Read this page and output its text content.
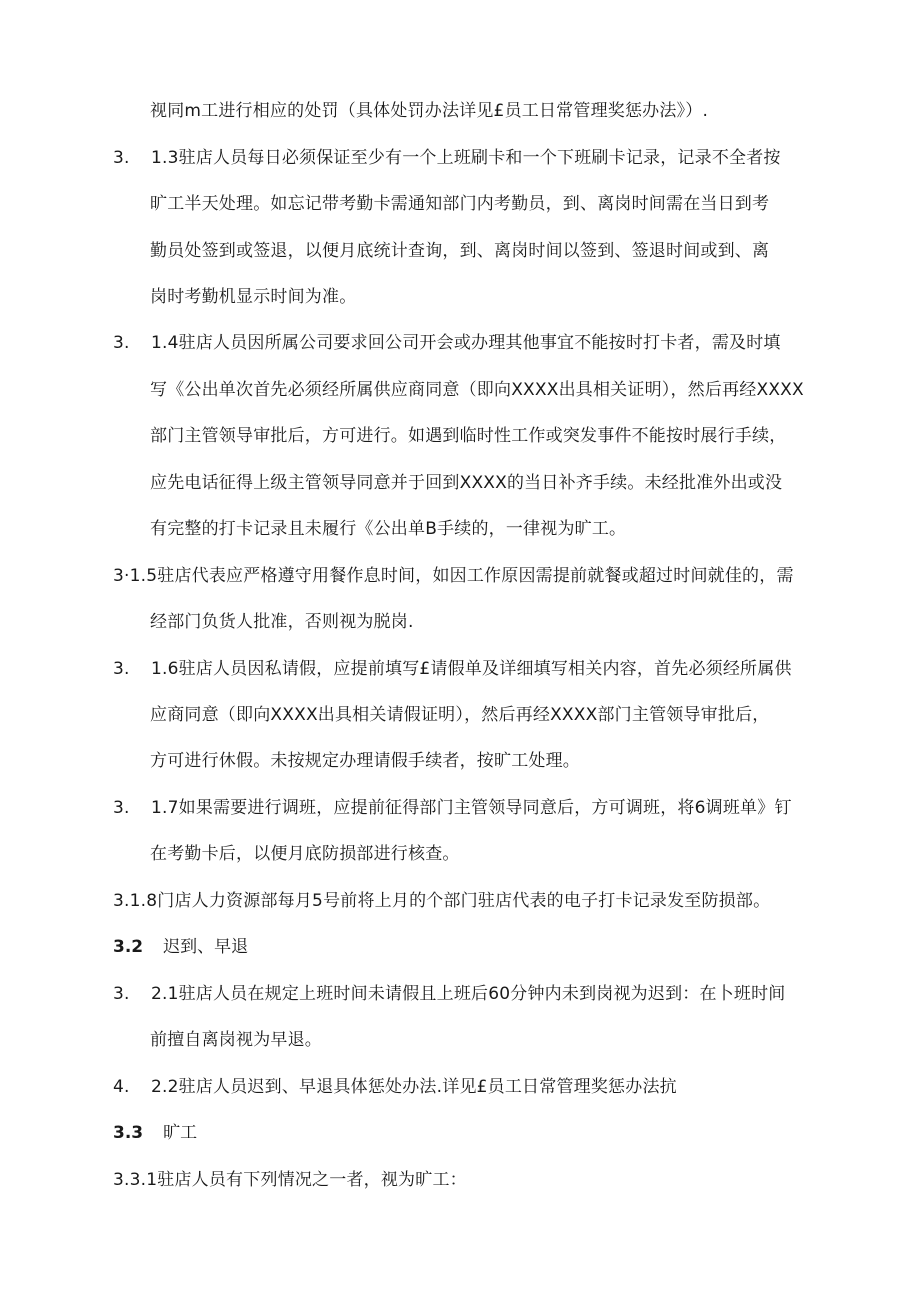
视同m工进行相应的处罚（具体处罚办法详见£员工日常管理奖惩办法》）.
3. 1.3驻店人员每日必须保证至少有一个上班刷卡和一个下班刷卡记录，记录不全者按
旷工半天处理。如忘记带考勤卡需通知部门内考勤员，到、离岗时间需在当日到考
勤员处签到或签退，以便月底统计查询，到、离岗时间以签到、签退时间或到、离
岗时考勤机显示时间为准。
3. 1.4驻店人员因所属公司要求回公司开会或办理其他事宜不能按时打卡者，需及时填
写《公出单次首先必须经所属供应商同意（即向XXXX出具相关证明），然后再经XXXX
部门主管领导审批后，方可进行。如遇到临时性工作或突发事件不能按时展行手续，
应先电话征得上级主管领导同意并于回到XXXX的当日补齐手续。未经批准外出或没
有完整的打卡记录且未履行《公出单B手续的，一律视为旷工。
3·1.5驻店代表应严格遵守用餐作息时间，如因工作原因需提前就餐或超过时间就佳的，需
经部门负货人批准，否则视为脱岗.
3. 1.6驻店人员因私请假，应提前填写£请假单及详细填写相关内容，首先必须经所属供
应商同意（即向XXXX出具相关请假证明），然后再经XXXX部门主管领导审批后，
方可进行休假。未按规定办理请假手续者，按旷工处理。
3. 1.7如果需要进行调班，应提前征得部门主管领导同意后，方可调班，将6调班单》钉
在考勤卡后，以便月底防损部进行核查。
3.1.8门店人力资源部每月5号前将上月的个部门驻店代表的电子打卡记录发至防损部。
3.2 迟到、早退
3. 2.1驻店人员在规定上班时间未请假且上班后60分钟内未到岗视为迟到：在卜班时间
前擅自离岗视为早退。
4. 2.2驻店人员迟到、早退具体惩处办法.详见£员工日常管理奖惩办法抗
3.3 旷工
3.3.1驻店人员有下列情况之一者，视为旷工：
